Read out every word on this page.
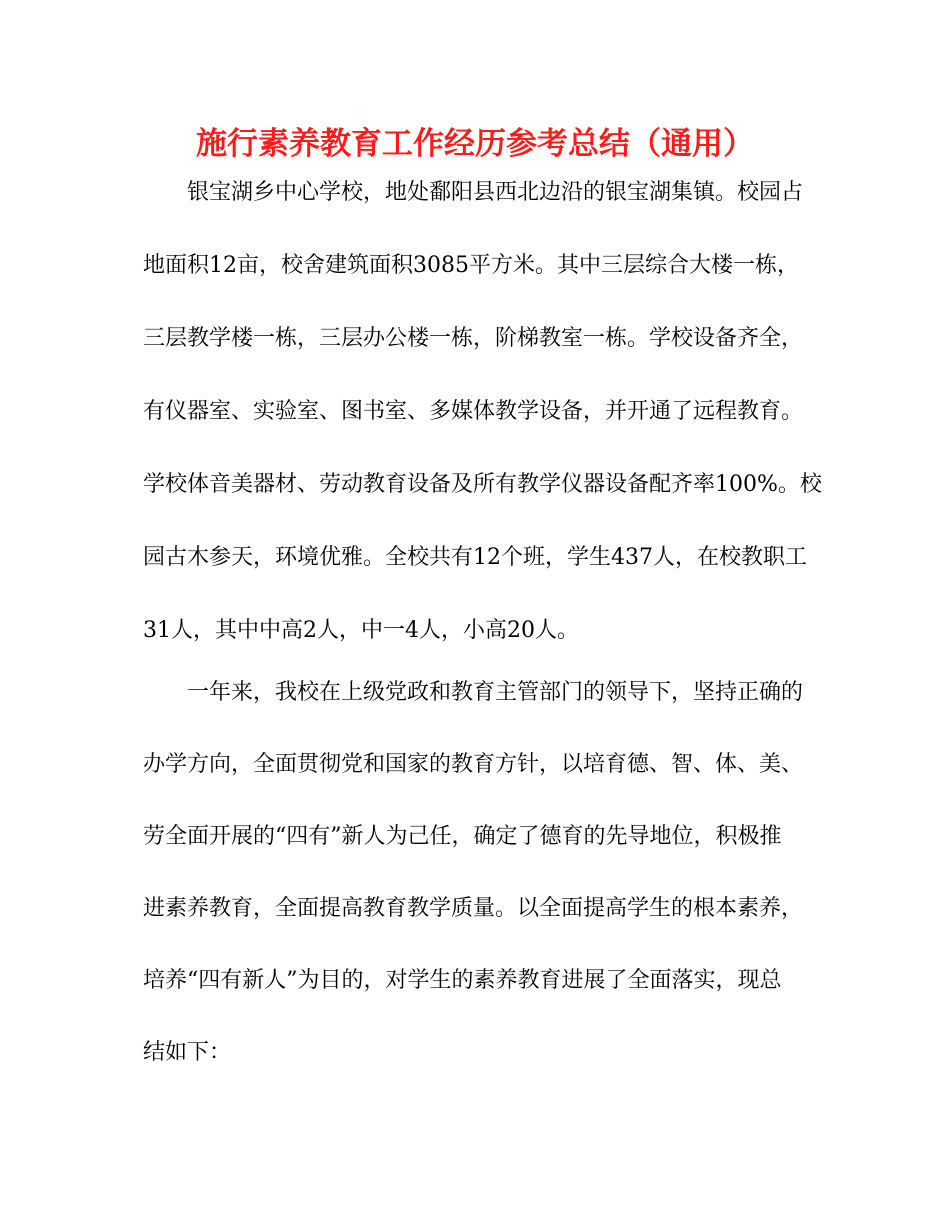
施行素养教育工作经历参考总结（通用）

银宝湖乡中心学校，地处鄱阳县西北边沿的银宝湖集镇。校园占

地面积12亩，校舍建筑面积3085平方米。其中三层综合大楼一栋，

三层教学楼一栋，三层办公楼一栋，阶梯教室一栋。学校设备齐全，

有仪器室、实验室、图书室、多媒体教学设备，并开通了远程教育。

学校体音美器材、劳动教育设备及所有教学仪器设备配齐率100%。校

园古木参天，环境优雅。全校共有12个班，学生437人，在校教职工

31人，其中中高2人，中一4人，小高20人。

一年来，我校在上级党政和教育主管部门的领导下，坚持正确的

办学方向，全面贯彻党和国家的教育方针，以培育德、智、体、美、

劳全面开展的“四有”新人为己任，确定了德育的先导地位，积极推

进素养教育，全面提高教育教学质量。以全面提高学生的根本素养，

培养“四有新人”为目的，对学生的素养教育进展了全面落实，现总

结如下：
